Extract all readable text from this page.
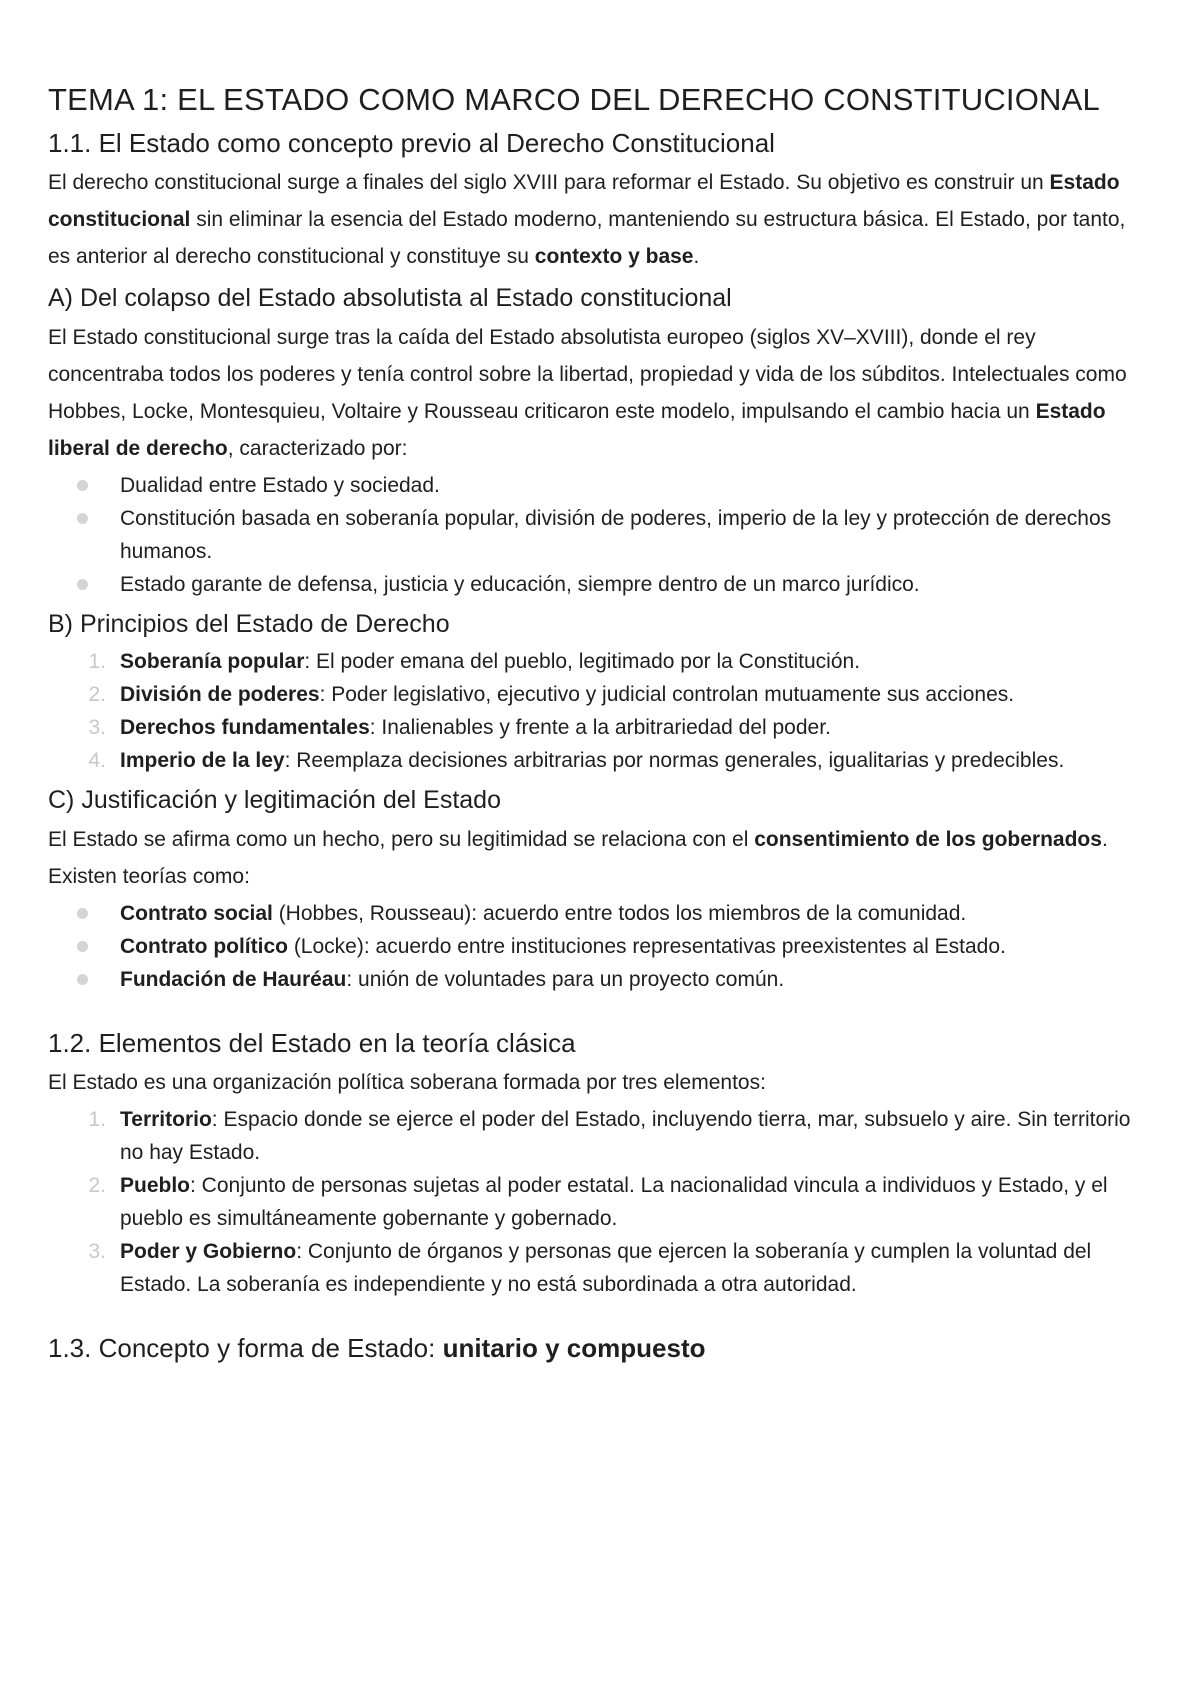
TEMA 1: EL ESTADO COMO MARCO DEL DERECHO CONSTITUCIONAL
1.1. El Estado como concepto previo al Derecho Constitucional

El derecho constitucional surge a finales del siglo XVIII para reformar el Estado. Su objetivo es construir un Estado constitucional sin eliminar la esencia del Estado moderno, manteniendo su estructura básica. El Estado, por tanto, es anterior al derecho constitucional y constituye su contexto y base.

A) Del colapso del Estado absolutista al Estado constitucional

El Estado constitucional surge tras la caída del Estado absolutista europeo (siglos XV–XVIII), donde el rey concentraba todos los poderes y tenía control sobre la libertad, propiedad y vida de los súbditos. Intelectuales como Hobbes, Locke, Montesquieu, Voltaire y Rousseau criticaron este modelo, impulsando el cambio hacia un Estado liberal de derecho, caracterizado por:

Dualidad entre Estado y sociedad.
Constitución basada en soberanía popular, división de poderes, imperio de la ley y protección de derechos humanos.
Estado garante de defensa, justicia y educación, siempre dentro de un marco jurídico.
B) Principios del Estado de Derecho
1. Soberanía popular: El poder emana del pueblo, legitimado por la Constitución.
2. División de poderes: Poder legislativo, ejecutivo y judicial controlan mutuamente sus acciones.
3. Derechos fundamentales: Inalienables y frente a la arbitrariedad del poder.
4. Imperio de la ley: Reemplaza decisiones arbitrarias por normas generales, igualitarias y predecibles.
C) Justificación y legitimación del Estado

El Estado se afirma como un hecho, pero su legitimidad se relaciona con el consentimiento de los gobernados. Existen teorías como:

Contrato social (Hobbes, Rousseau): acuerdo entre todos los miembros de la comunidad.
Contrato político (Locke): acuerdo entre instituciones representativas preexistentes al Estado.
Fundación de Hauréau: unión de voluntades para un proyecto común.
1.2. Elementos del Estado en la teoría clásica

El Estado es una organización política soberana formada por tres elementos:

1. Territorio: Espacio donde se ejerce el poder del Estado, incluyendo tierra, mar, subsuelo y aire. Sin territorio no hay Estado.
2. Pueblo: Conjunto de personas sujetas al poder estatal. La nacionalidad vincula a individuos y Estado, y el pueblo es simultáneamente gobernante y gobernado.
3. Poder y Gobierno: Conjunto de órganos y personas que ejercen la soberanía y cumplen la voluntad del Estado. La soberanía es independiente y no está subordinada a otra autoridad.
1.3. Concepto y forma de Estado: unitario y compuesto
